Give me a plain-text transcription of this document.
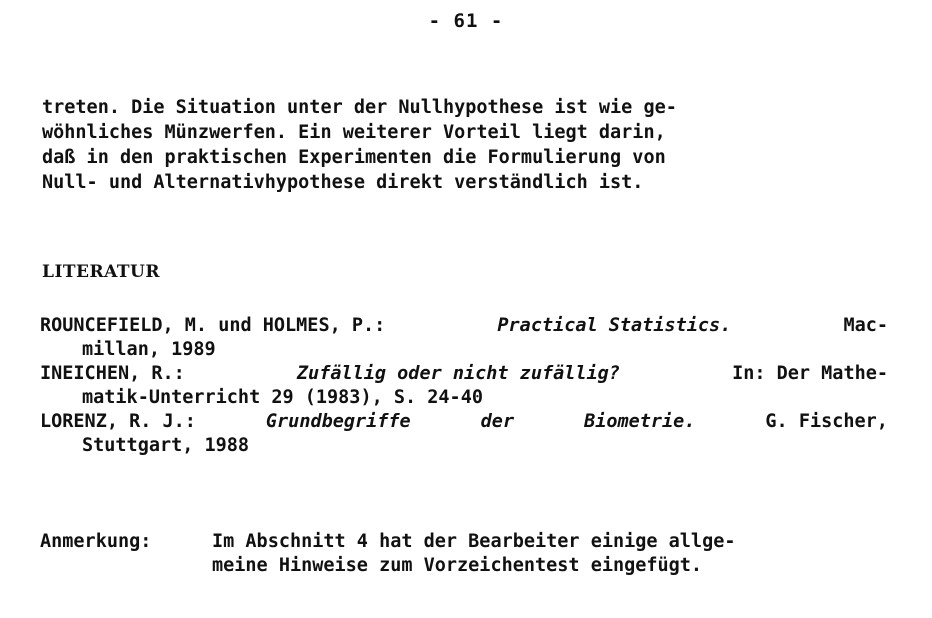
- 61 -

treten. Die Situation unter der Nullhypothese ist wie ge-
wöhnliches Münzwerfen. Ein weiterer Vorteil liegt darin,
daß in den praktischen Experimenten die Formulierung von
Null- und Alternativhypothese direkt verständlich ist.

LITERATUR
ROUNCEFIELD, M. und HOLMES, P.:	Practical Statistics.	Mac-
millan, 1989
INEICHEN, R.:	Zufällig oder nicht zufällig?	In: Der Mathe-
matik-Unterricht 29 (1983), S. 24-40
LORENZ, R. J.:	Grundbegriffe	der	Biometrie.	G. Fischer,
Stuttgart, 1988
Anmerkung:	Im Abschnitt 4 hat der Bearbeiter einige allge-
meine Hinweise zum Vorzeichentest eingefügt.
